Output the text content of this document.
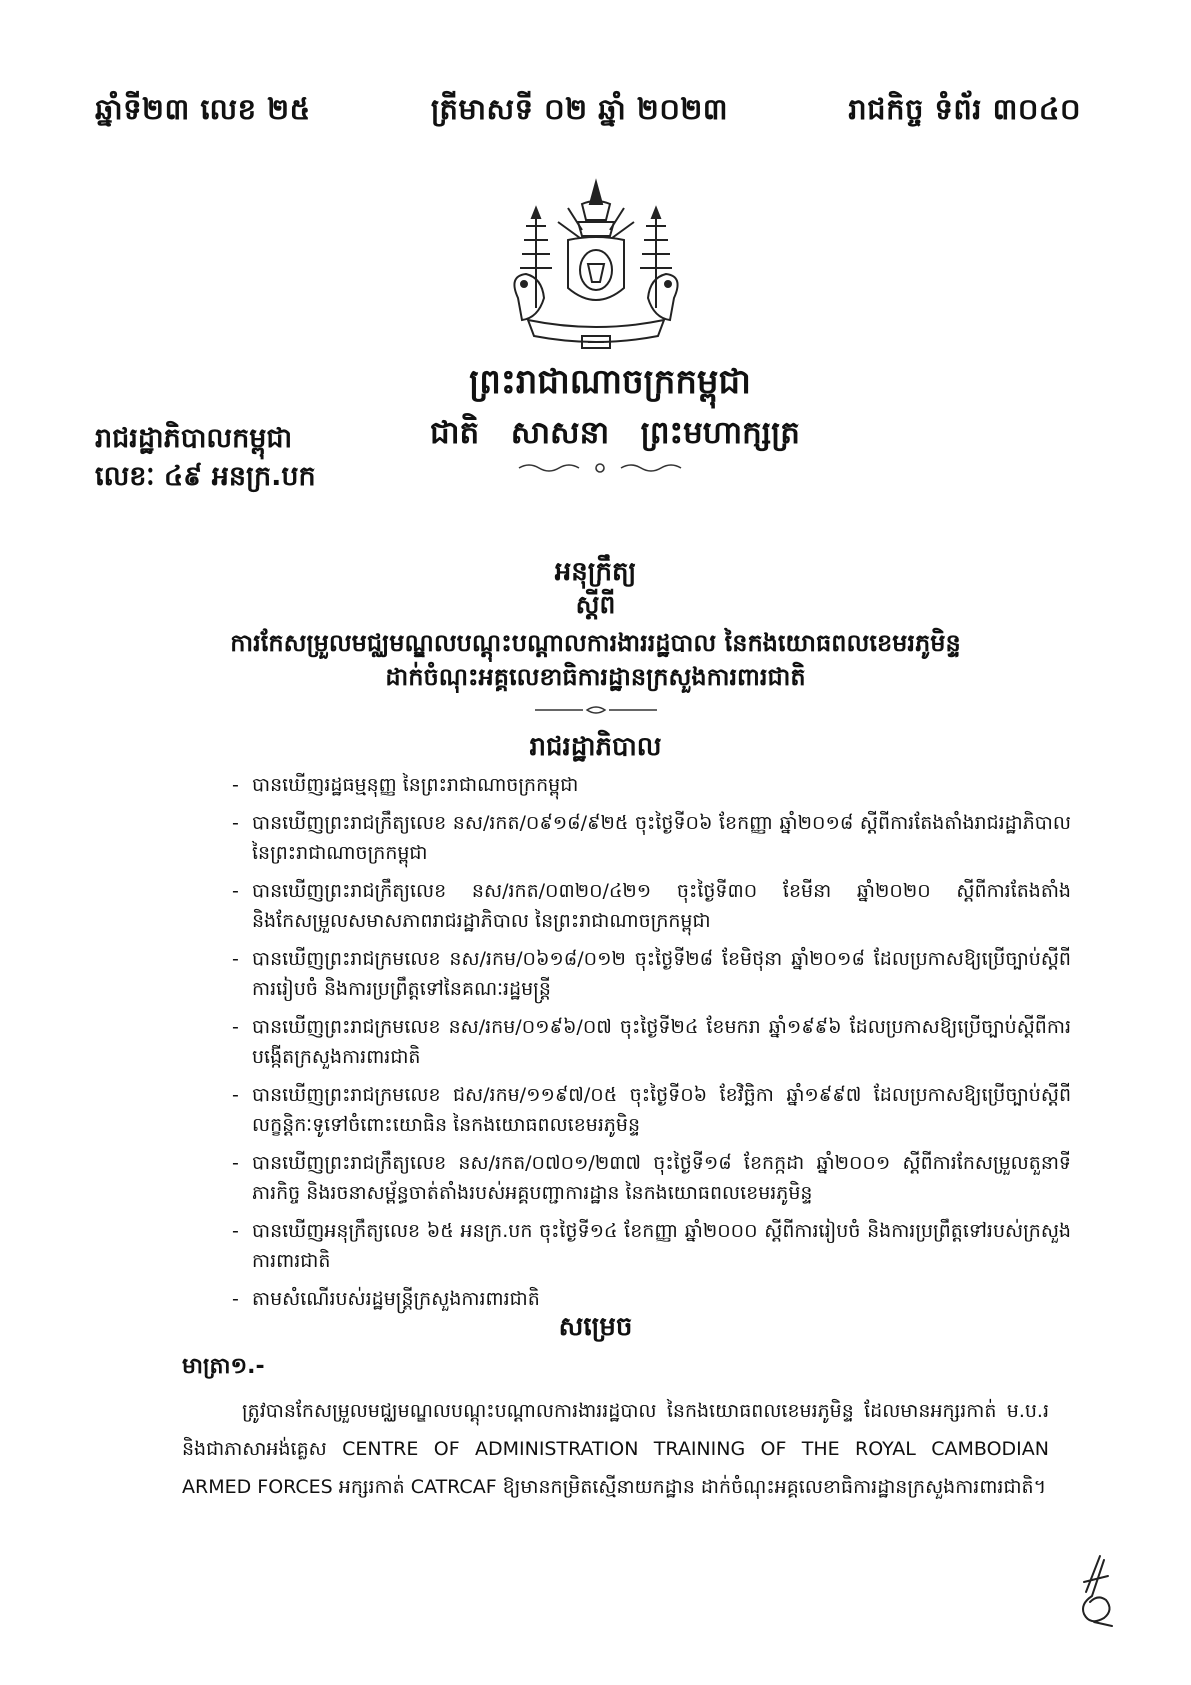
ឆ្នាំទី២៣ លេខ ២៥	ត្រីមាសទី ០២ ឆ្នាំ ២០២៣	រាជកិច្ច ទំព័រ ៣០៤០
ព្រះរាជាណាចក្រកម្ពុជា
ជាតិ សាសនា ព្រះមហាក្សត្រ
រាជរដ្ឋាភិបាលកម្ពុជា
លេខៈ ៤៩ អនក្រ.បក
អនុក្រឹត្យ
ស្តីពី
ការកែសម្រួលមជ្ឈមណ្ឌលបណ្តុះបណ្តាលការងាររដ្ឋបាល នៃកងយោធពលខេមរភូមិន្ទ
ដាក់ចំណុះអគ្គលេខាធិការដ្ឋានក្រសួងការពារជាតិ
រាជរដ្ឋាភិបាល
- បានឃើញរដ្ឋធម្មនុញ្ញ នៃព្រះរាជាណាចក្រកម្ពុជា
- បានឃើញព្រះរាជក្រឹត្យលេខ នស/រកត/០៩១៨/៩២៥ ចុះថ្ងៃទី០៦ ខែកញ្ញា ឆ្នាំ២០១៨ ស្តីពីការតែងតាំងរាជរដ្ឋាភិបាល នៃព្រះរាជាណាចក្រកម្ពុជា
- បានឃើញព្រះរាជក្រឹត្យលេខ នស/រកត/០៣២០/៤២១ ចុះថ្ងៃទី៣០ ខែមីនា ឆ្នាំ២០២០ ស្តីពីការតែងតាំង និងកែសម្រួលសមាសភាពរាជរដ្ឋាភិបាល នៃព្រះរាជាណាចក្រកម្ពុជា
- បានឃើញព្រះរាជក្រមលេខ នស/រកម/០៦១៨/០១២ ចុះថ្ងៃទី២៨ ខែមិថុនា ឆ្នាំ២០១៨ ដែលប្រកាសឱ្យប្រើច្បាប់ស្តីពីការរៀបចំ និងការប្រព្រឹត្តទៅនៃគណៈរដ្ឋមន្ត្រី
- បានឃើញព្រះរាជក្រមលេខ នស/រកម/០១៩៦/០៧ ចុះថ្ងៃទី២៤ ខែមករា ឆ្នាំ១៩៩៦ ដែលប្រកាសឱ្យប្រើច្បាប់ស្តីពីការបង្កើតក្រសួងការពារជាតិ
- បានឃើញព្រះរាជក្រមលេខ ជស/រកម/១១៩៧/០៥ ចុះថ្ងៃទី០៦ ខែវិច្ឆិកា ឆ្នាំ១៩៩៧ ដែលប្រកាសឱ្យប្រើច្បាប់ស្តីពីលក្ខន្តិកៈទូទៅចំពោះយោធិន នៃកងយោធពលខេមរភូមិន្ទ
- បានឃើញព្រះរាជក្រឹត្យលេខ នស/រកត/០៧០១/២៣៧ ចុះថ្ងៃទី១៨ ខែកក្កដា ឆ្នាំ២០០១ ស្តីពីការកែសម្រួលតួនាទីភារកិច្ច និងរចនាសម្ព័ន្ធចាត់តាំងរបស់អគ្គបញ្ជាការដ្ឋាន នៃកងយោធពលខេមរភូមិន្ទ
- បានឃើញអនុក្រឹត្យលេខ ៦៥ អនក្រ.បក ចុះថ្ងៃទី១៤ ខែកញ្ញា ឆ្នាំ២០០០ ស្តីពីការរៀបចំ និងការប្រព្រឹត្តទៅរបស់ក្រសួងការពារជាតិ
- តាមសំណើរបស់រដ្ឋមន្ត្រីក្រសួងការពារជាតិ
សម្រេច
មាត្រា១.-

ត្រូវបានកែសម្រួលមជ្ឈមណ្ឌលបណ្តុះបណ្តាលការងាររដ្ឋបាល នៃកងយោធពលខេមរភូមិន្ទ ដែលមានអក្សរកាត់ ម.ប.រ និងជាភាសាអង់គ្លេស CENTRE OF ADMINISTRATION TRAINING OF THE ROYAL CAMBODIAN ARMED FORCES អក្សរកាត់ CATRCAF ឱ្យមានកម្រិតស្មើនាយកដ្ឋាន ដាក់ចំណុះអគ្គលេខាធិការដ្ឋានក្រសួងការពារជាតិ។
